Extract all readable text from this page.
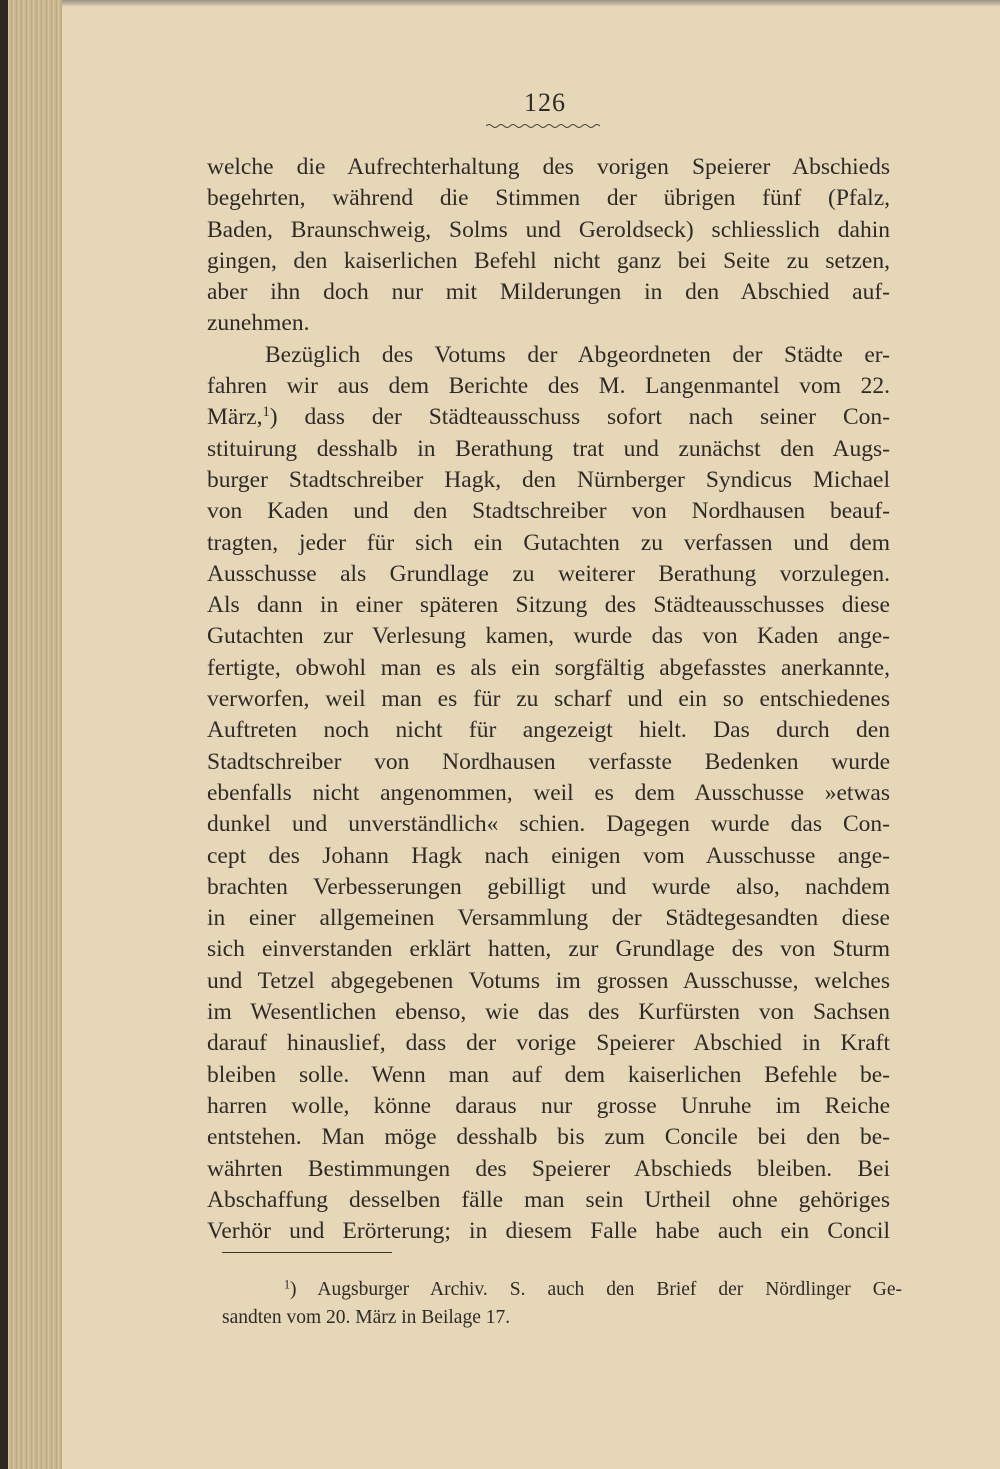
126
welche die Aufrechterhaltung des vorigen Speierer Abschieds
begehrten, während die Stimmen der übrigen fünf (Pfalz,
Baden, Braunschweig, Solms und Geroldseck) schliesslich dahin
gingen, den kaiserlichen Befehl nicht ganz bei Seite zu setzen,
aber ihn doch nur mit Milderungen in den Abschied auf-
zunehmen.
Bezüglich des Votums der Abgeordneten der Städte er-
fahren wir aus dem Berichte des M. Langenmantel vom 22.
März,$^1$) dass der Städteausschuss sofort nach seiner Con-
stituirung desshalb in Berathung trat und zunächst den Augs-
burger Stadtschreiber Hagk, den Nürnberger Syndicus Michael
von Kaden und den Stadtschreiber von Nordhausen beauf-
tragten, jeder für sich ein Gutachten zu verfassen und dem
Ausschusse als Grundlage zu weiterer Berathung vorzulegen.
Als dann in einer späteren Sitzung des Städteausschusses diese
Gutachten zur Verlesung kamen, wurde das von Kaden ange-
fertigte, obwohl man es als ein sorgfältig abgefasstes anerkannte,
verworfen, weil man es für zu scharf und ein so entschiedenes
Auftreten noch nicht für angezeigt hielt. Das durch den
Stadtschreiber von Nordhausen verfasste Bedenken wurde
ebenfalls nicht angenommen, weil es dem Ausschusse »etwas
dunkel und unverständlich« schien. Dagegen wurde das Con-
cept des Johann Hagk nach einigen vom Ausschusse ange-
brachten Verbesserungen gebilligt und wurde also, nachdem
in einer allgemeinen Versammlung der Städtegesandten diese
sich einverstanden erklärt hatten, zur Grundlage des von Sturm
und Tetzel abgegebenen Votums im grossen Ausschusse, welches
im Wesentlichen ebenso, wie das des Kurfürsten von Sachsen
darauf hinauslief, dass der vorige Speierer Abschied in Kraft
bleiben solle. Wenn man auf dem kaiserlichen Befehle be-
harren wolle, könne daraus nur grosse Unruhe im Reiche
entstehen. Man möge desshalb bis zum Concile bei den be-
währten Bestimmungen des Speierer Abschieds bleiben. Bei
Abschaffung desselben fälle man sein Urtheil ohne gehöriges
Verhör und Erörterung; in diesem Falle habe auch ein Concil
$^1$) Augsburger Archiv. S. auch den Brief der Nördlinger Ge-
sandten vom 20. März in Beilage 17.
